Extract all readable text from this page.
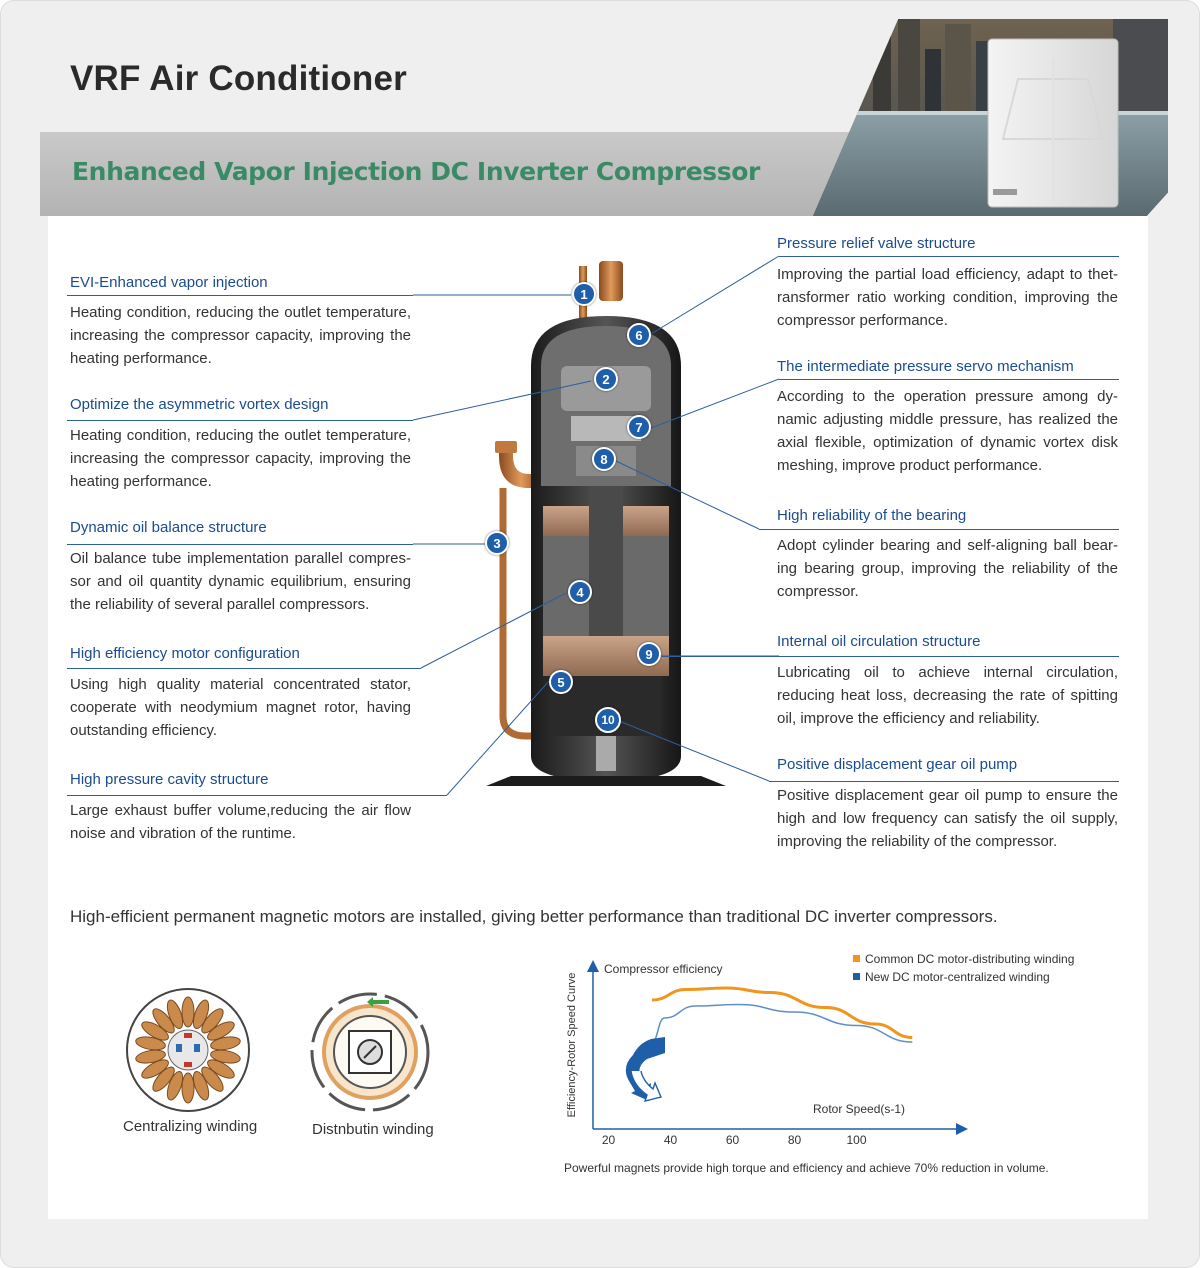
VRF Air Conditioner
Enhanced Vapor Injection DC Inverter Compressor
1
2
3
4
5
6
7
8
9
10
EVI-Enhanced vapor injection
Heating condition, reducing the outlet temperature, increasing the compressor capacity, improving the heating performance.
Optimize the asymmetric vortex design
Heating condition, reducing the outlet temperature, increasing the compressor capacity, improving the heating performance.
Dynamic oil balance structure
Oil balance tube implementation parallel compres-sor and oil quantity dynamic equilibrium, ensuring the reliability of several parallel compressors.
High efficiency motor configuration
Using high quality material concentrated stator, cooperate with neodymium magnet rotor, having outstanding efficiency.
High pressure cavity structure
Large exhaust buffer volume,reducing the air flow noise and vibration of the runtime.
Pressure relief valve structure
Improving the partial load efficiency, adapt to thet-ransformer ratio working condition, improving the compressor performance.
The intermediate pressure servo mechanism
According to the operation pressure among dy-namic adjusting middle pressure, has realized the axial flexible, optimization of dynamic vortex disk meshing, improve product performance.
High reliability of the bearing
Adopt cylinder bearing and self-aligning ball bear-ing bearing group, improving the reliability of the compressor.
Internal oil circulation structure
Lubricating oil to achieve internal circulation, reducing heat loss, decreasing the rate of spitting oil, improve the efficiency and reliability.
Positive displacement gear oil pump
Positive displacement gear oil pump to ensure the high and low frequency can satisfy the oil supply, improving the reliability of the compressor.
High-efficient permanent magnetic motors are installed, giving better performance than traditional DC inverter compressors.
Centralizing winding	Distnbutin winding
Efficiency-Rotor Speed Curve
Compressor efficiency
Rotor Speed(s-1)
20	40	60	80	100
Common DC motor-distributing winding
New DC motor-centralized winding
Powerful magnets provide high torque and efficiency and achieve 70% reduction in volume.
